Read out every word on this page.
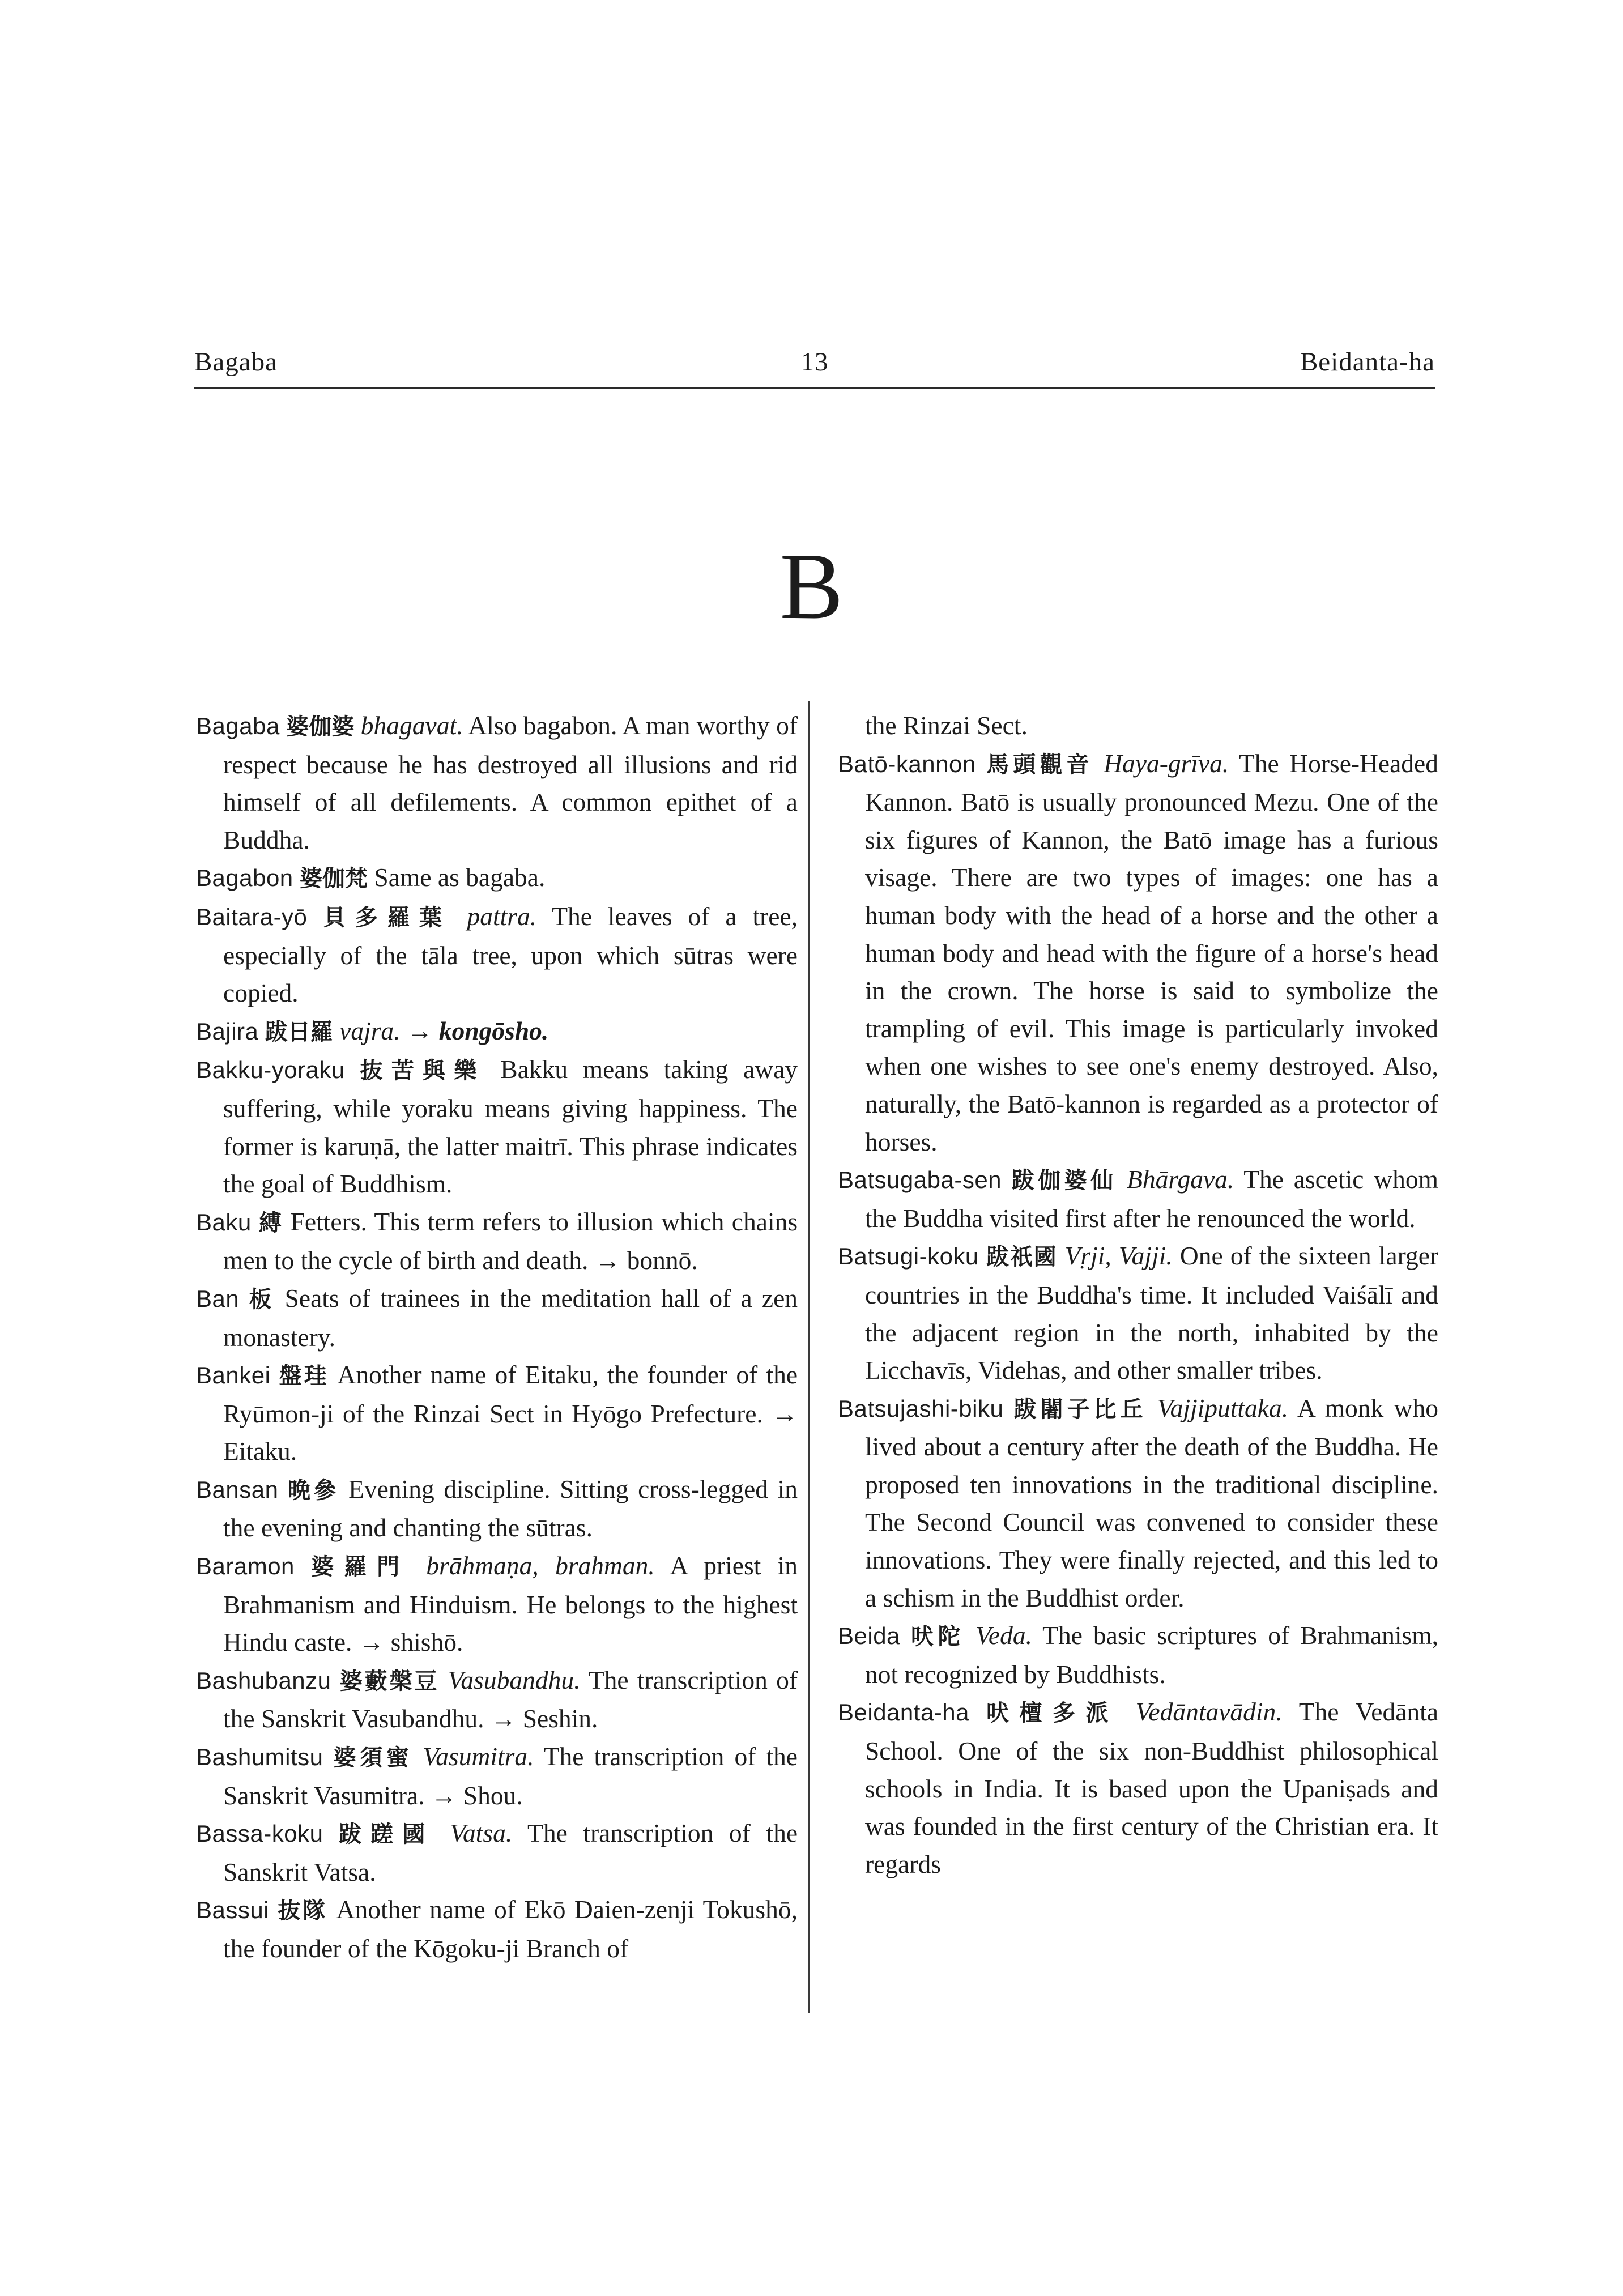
Bagaba	13	Beidanta-ha
B

Bagaba 婆伽婆 bhagavat. Also bagabon. A man worthy of respect because he has destroyed all illusions and rid himself of all defilements. A common epithet of a Buddha.

Bagabon 婆伽梵 Same as bagaba.

Baitara-yō 貝多羅葉 pattra. The leaves of a tree, especially of the tāla tree, upon which sūtras were copied.

Bajira 跋日羅 vajra. → kongōsho.

Bakku-yoraku 抜苦與樂 Bakku means taking away suffering, while yoraku means giving happiness. The former is karuṇā, the latter maitrī. This phrase indicates the goal of Buddhism.

Baku 縛 Fetters. This term refers to illusion which chains men to the cycle of birth and death. → bonnō.

Ban 板 Seats of trainees in the meditation hall of a zen monastery.

Bankei 盤珪 Another name of Eitaku, the founder of the Ryūmon-ji of the Rinzai Sect in Hyōgo Prefecture. → Eitaku.

Bansan 晩參 Evening discipline. Sitting cross-legged in the evening and chanting the sūtras.

Baramon 婆羅門 brāhmaṇa, brahman. A priest in Brahmanism and Hinduism. He belongs to the highest Hindu caste. → shishō.

Bashubanzu 婆藪槃豆 Vasubandhu. The transcription of the Sanskrit Vasubandhu. → Seshin.

Bashumitsu 婆須蜜 Vasumitra. The transcription of the Sanskrit Vasumitra. → Shou.

Bassa-koku 跋蹉國 Vatsa. The transcription of the Sanskrit Vatsa.

Bassui 抜隊 Another name of Ekō Daien-zenji Tokushō, the founder of the Kōgoku-ji Branch of

the Rinzai Sect.

Batō-kannon 馬頭觀音 Haya-grīva. The Horse-Headed Kannon. Batō is usually pronounced Mezu. One of the six figures of Kannon, the Batō image has a furious visage. There are two types of images: one has a human body with the head of a horse and the other a human body and head with the figure of a horse's head in the crown. The horse is said to symbolize the trampling of evil. This image is particularly invoked when one wishes to see one's enemy destroyed. Also, naturally, the Batō-kannon is regarded as a protector of horses.

Batsugaba-sen 跋伽婆仙 Bhārgava. The ascetic whom the Buddha visited first after he renounced the world.

Batsugi-koku 跋祇國 Vṛji, Vajji. One of the sixteen larger countries in the Buddha's time. It included Vaiśālī and the adjacent region in the north, inhabited by the Licchavīs, Videhas, and other smaller tribes.

Batsujashi-biku 跋闍子比丘 Vajjiputtaka. A monk who lived about a century after the death of the Buddha. He proposed ten innovations in the traditional discipline. The Second Council was convened to consider these innovations. They were finally rejected, and this led to a schism in the Buddhist order.

Beida 吠陀 Veda. The basic scriptures of Brahmanism, not recognized by Buddhists.

Beidanta-ha 吠檀多派 Vedāntavādin. The Vedānta School. One of the six non-Buddhist philosophical schools in India. It is based upon the Upaniṣads and was founded in the first century of the Christian era. It regards
